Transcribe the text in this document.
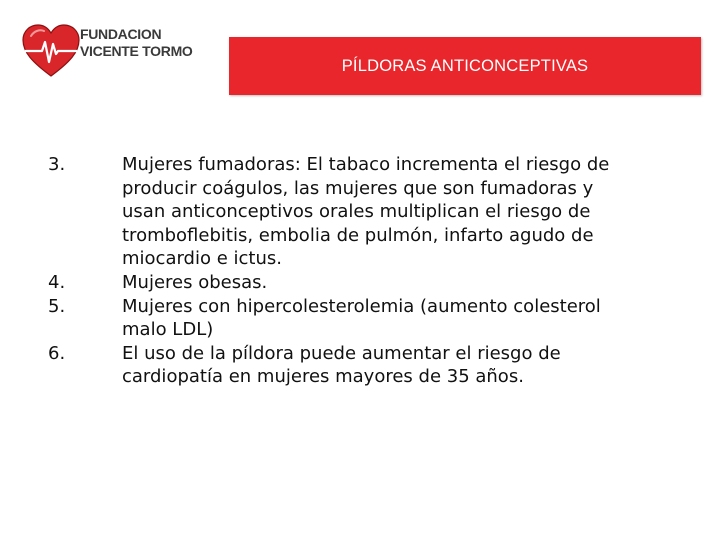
FUNDACION
VICENTE TORMO
PÍLDORAS ANTICONCEPTIVAS
3.	Mujeres fumadoras: El tabaco incrementa el riesgo de
producir coágulos, las mujeres que son fumadoras y
usan anticonceptivos orales multiplican el riesgo de
tromboflebitis, embolia de pulmón, infarto agudo de
miocardio e ictus.
4.	Mujeres obesas.
5.	Mujeres con hipercolesterolemia (aumento colesterol
malo LDL)
6.	El uso de la píldora puede aumentar el riesgo de
cardiopatía en mujeres mayores de 35 años.
